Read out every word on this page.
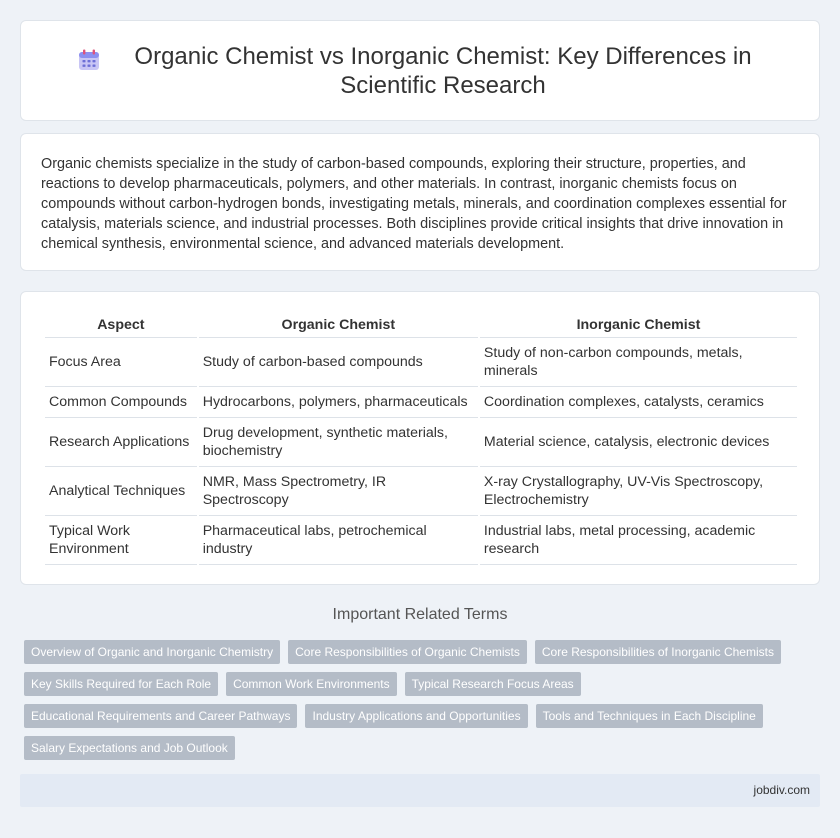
Organic Chemist vs Inorganic Chemist: Key Differences in Scientific Research

Organic chemists specialize in the study of carbon-based compounds, exploring their structure, properties, and reactions to develop pharmaceuticals, polymers, and other materials. In contrast, inorganic chemists focus on compounds without carbon-hydrogen bonds, investigating metals, minerals, and coordination complexes essential for catalysis, materials science, and industrial processes. Both disciplines provide critical insights that drive innovation in chemical synthesis, environmental science, and advanced materials development.

Aspect	Organic Chemist	Inorganic Chemist
Focus Area	Study of carbon-based compounds	Study of non-carbon compounds, metals, minerals
Common Compounds	Hydrocarbons, polymers, pharmaceuticals	Coordination complexes, catalysts, ceramics
Research Applications	Drug development, synthetic materials, biochemistry	Material science, catalysis, electronic devices
Analytical Techniques	NMR, Mass Spectrometry, IR Spectroscopy	X-ray Crystallography, UV-Vis Spectroscopy, Electrochemistry
Typical Work Environment	Pharmaceutical labs, petrochemical industry	Industrial labs, metal processing, academic research
Important Related Terms
Overview of Organic and Inorganic Chemistry	Core Responsibilities of Organic Chemists	Core Responsibilities of Inorganic Chemists
Key Skills Required for Each Role	Common Work Environments	Typical Research Focus Areas
Educational Requirements and Career Pathways	Industry Applications and Opportunities	Tools and Techniques in Each Discipline
Salary Expectations and Job Outlook
jobdiv.com
